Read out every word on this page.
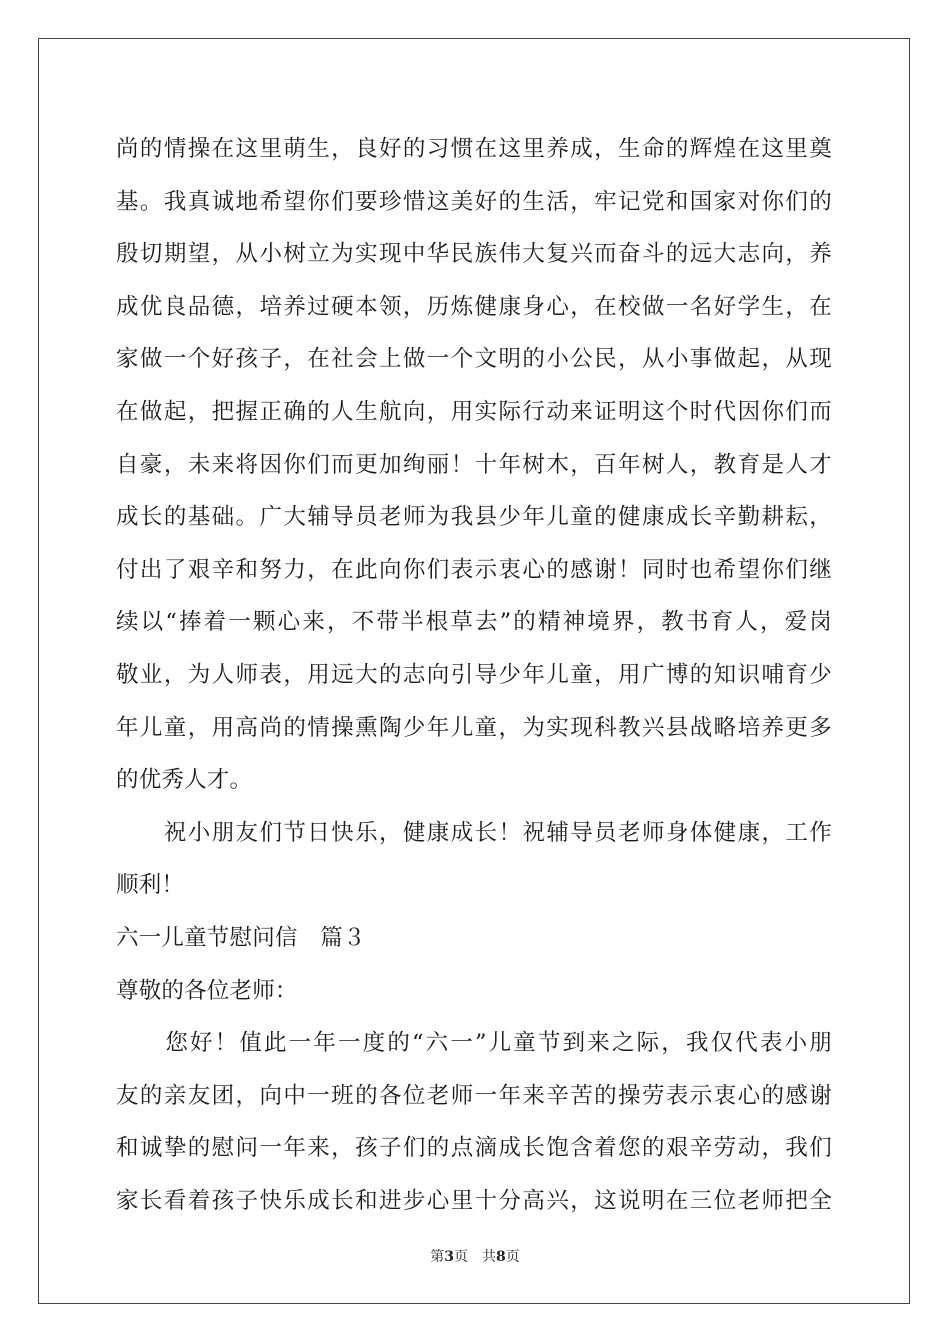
尚的情操在这里萌生，良好的习惯在这里养成，生命的辉煌在这里奠
基。我真诚地希望你们要珍惜这美好的生活，牢记党和国家对你们的
殷切期望，从小树立为实现中华民族伟大复兴而奋斗的远大志向，养
成优良品德，培养过硬本领，历炼健康身心，在校做一名好学生，在
家做一个好孩子，在社会上做一个文明的小公民，从小事做起，从现
在做起，把握正确的人生航向，用实际行动来证明这个时代因你们而
自豪，未来将因你们而更加绚丽！十年树木，百年树人，教育是人才
成长的基础。广大辅导员老师为我县少年儿童的健康成长辛勤耕耘，
付出了艰辛和努力，在此向你们表示衷心的感谢！同时也希望你们继
续以“捧着一颗心来，不带半根草去”的精神境界，教书育人，爱岗
敬业，为人师表，用远大的志向引导少年儿童，用广博的知识哺育少
年儿童，用高尚的情操熏陶少年儿童，为实现科教兴县战略培养更多
的优秀人才。
　　祝小朋友们节日快乐，健康成长！祝辅导员老师身体健康，工作
顺利！
六一儿童节慰问信　篇３
尊敬的各位老师：
　　您好！值此一年一度的“六一”儿童节到来之际，我仅代表小朋
友的亲友团，向中一班的各位老师一年来辛苦的操劳表示衷心的感谢
和诚挚的慰问一年来，孩子们的点滴成长饱含着您的艰辛劳动，我们
家长看着孩子快乐成长和进步心里十分高兴，这说明在三位老师把全
第3页 共8页
